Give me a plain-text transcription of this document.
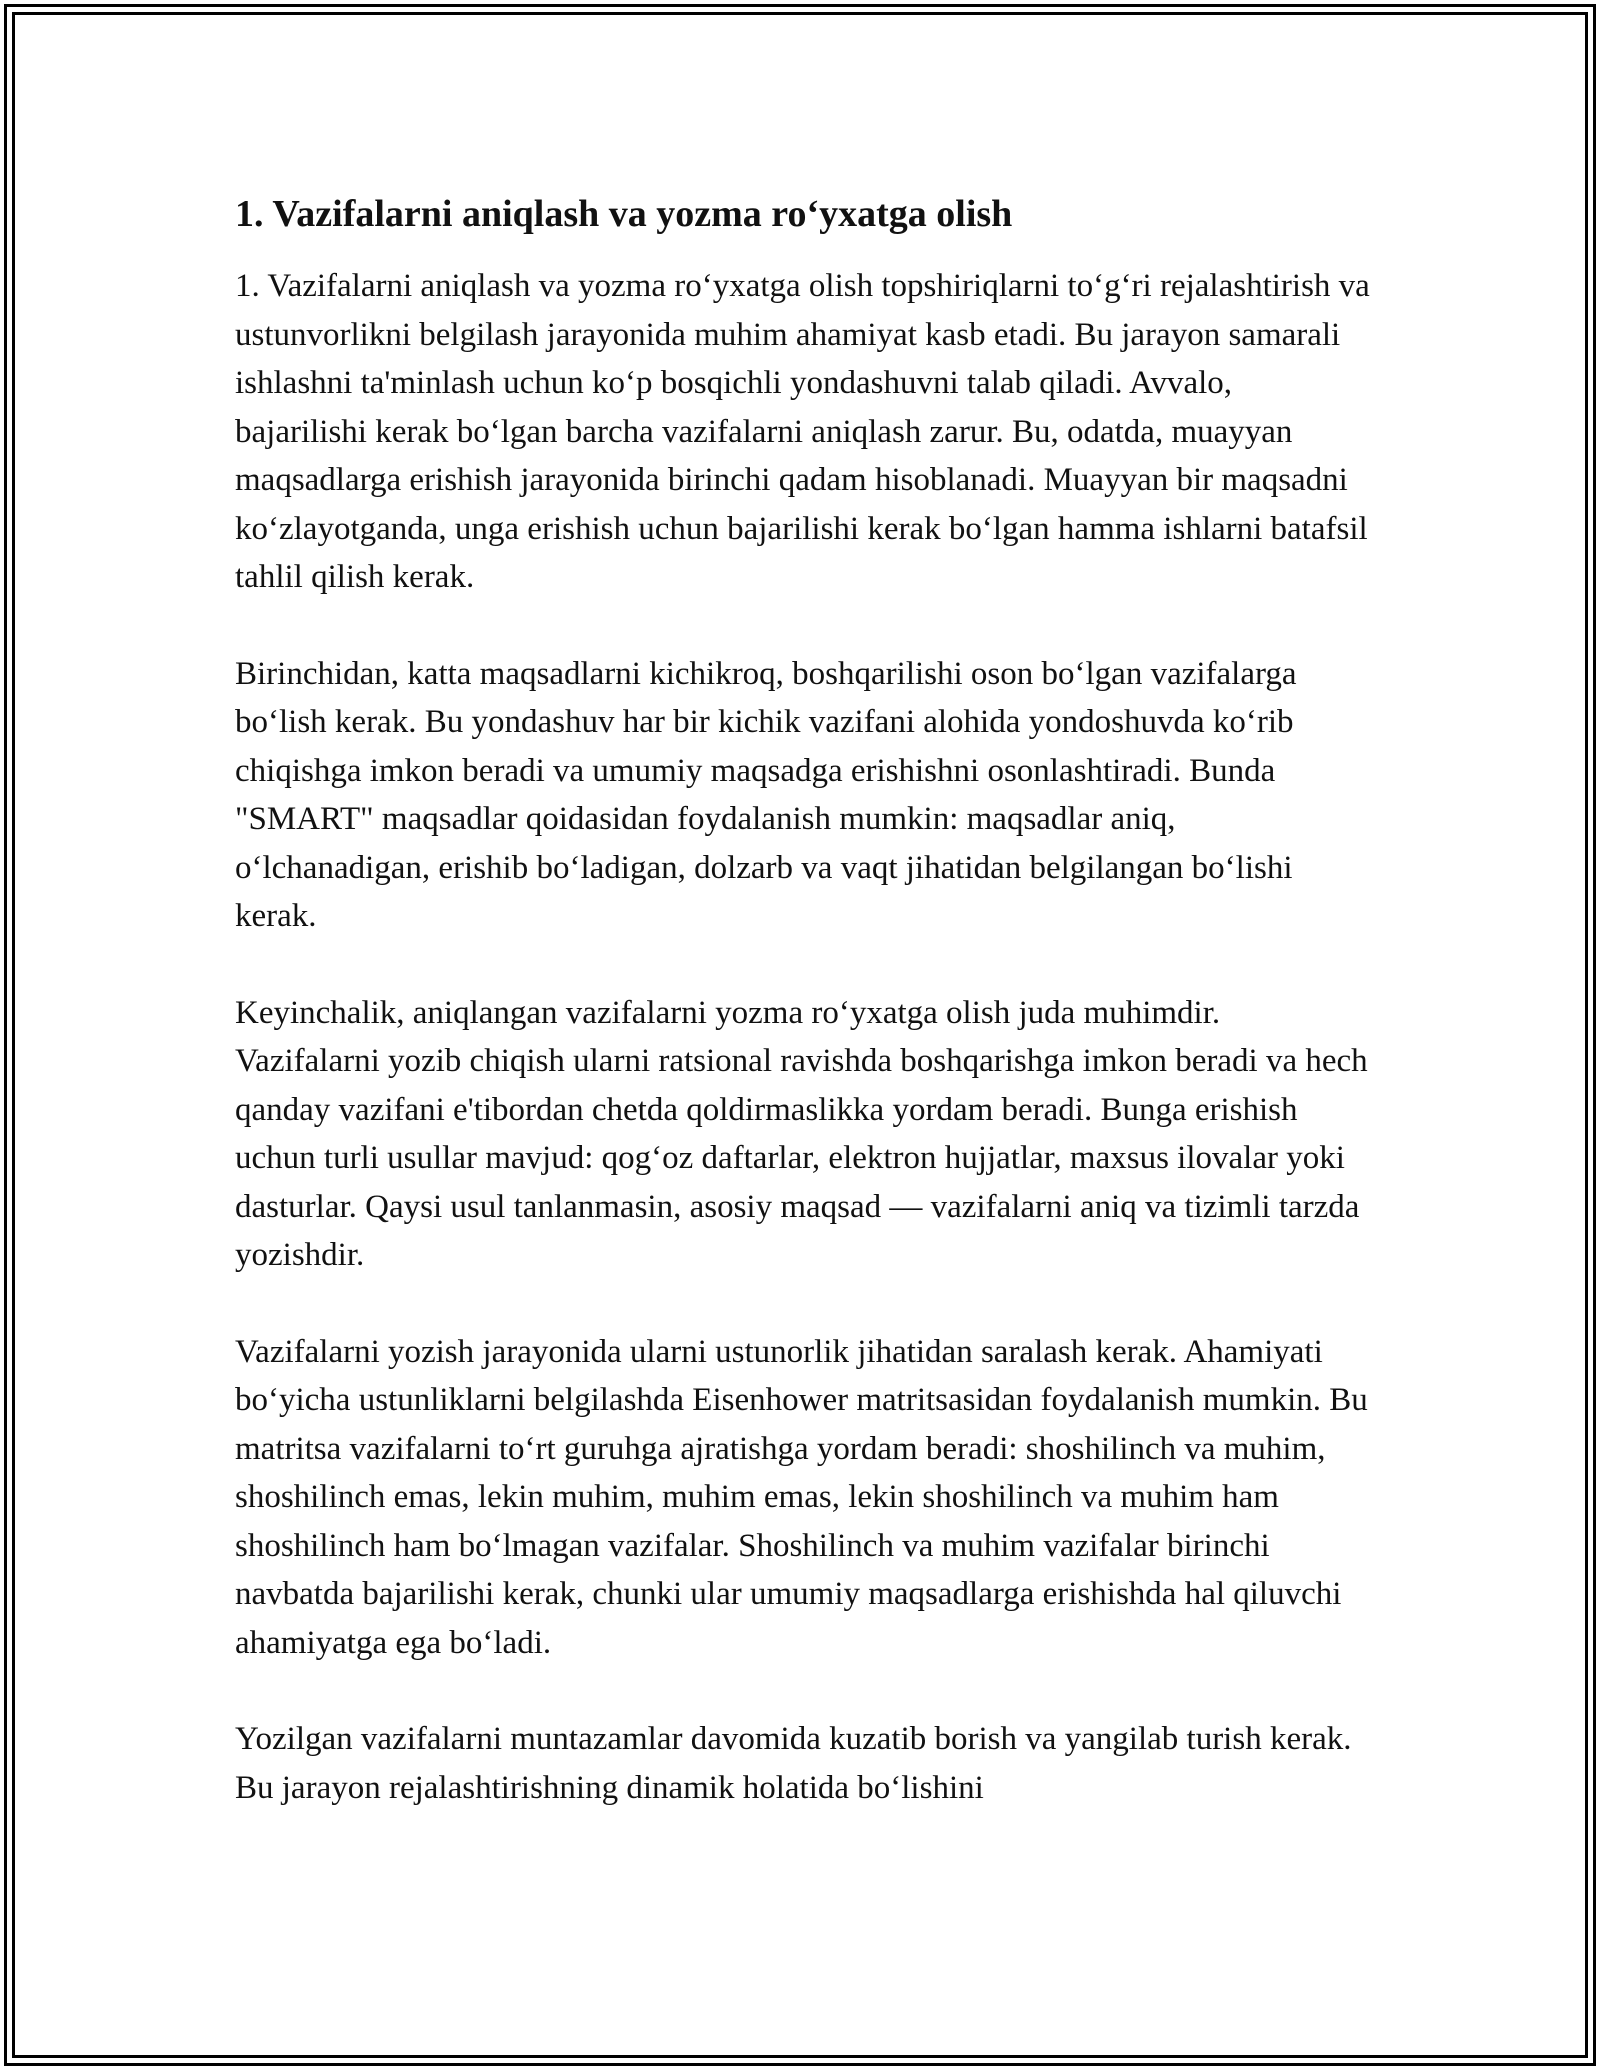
1. Vazifalarni aniqlash va yozma ro‘yxatga olish

1. Vazifalarni aniqlash va yozma ro‘yxatga olish topshiriqlarni to‘g‘ri rejalashtirish va ustunvorlikni belgilash jarayonida muhim ahamiyat kasb etadi. Bu jarayon samarali ishlashni ta'minlash uchun ko‘p bosqichli yondashuvni talab qiladi. Avvalo, bajarilishi kerak bo‘lgan barcha vazifalarni aniqlash zarur. Bu, odatda, muayyan maqsadlarga erishish jarayonida birinchi qadam hisoblanadi. Muayyan bir maqsadni ko‘zlayotganda, unga erishish uchun bajarilishi kerak bo‘lgan hamma ishlarni batafsil tahlil qilish kerak.

Birinchidan, katta maqsadlarni kichikroq, boshqarilishi oson bo‘lgan vazifalarga bo‘lish kerak. Bu yondashuv har bir kichik vazifani alohida yondoshuvda ko‘rib chiqishga imkon beradi va umumiy maqsadga erishishni osonlashtiradi. Bunda "SMART" maqsadlar qoidasidan foydalanish mumkin: maqsadlar aniq, o‘lchanadigan, erishib bo‘ladigan, dolzarb va vaqt jihatidan belgilangan bo‘lishi kerak.

Keyinchalik, aniqlangan vazifalarni yozma ro‘yxatga olish juda muhimdir. Vazifalarni yozib chiqish ularni ratsional ravishda boshqarishga imkon beradi va hech qanday vazifani e'tibordan chetda qoldirmaslikka yordam beradi. Bunga erishish uchun turli usullar mavjud: qog‘oz daftarlar, elektron hujjatlar, maxsus ilovalar yoki dasturlar. Qaysi usul tanlanmasin, asosiy maqsad — vazifalarni aniq va tizimli tarzda yozishdir.

Vazifalarni yozish jarayonida ularni ustunorlik jihatidan saralash kerak. Ahamiyati bo‘yicha ustunliklarni belgilashda Eisenhower matritsasidan foydalanish mumkin. Bu matritsa vazifalarni to‘rt guruhga ajratishga yordam beradi: shoshilinch va muhim, shoshilinch emas, lekin muhim, muhim emas, lekin shoshilinch va muhim ham shoshilinch ham bo‘lmagan vazifalar. Shoshilinch va muhim vazifalar birinchi navbatda bajarilishi kerak, chunki ular umumiy maqsadlarga erishishda hal qiluvchi ahamiyatga ega bo‘ladi.

Yozilgan vazifalarni muntazamlar davomida kuzatib borish va yangilab turish kerak. Bu jarayon rejalashtirishning dinamik holatida bo‘lishini
